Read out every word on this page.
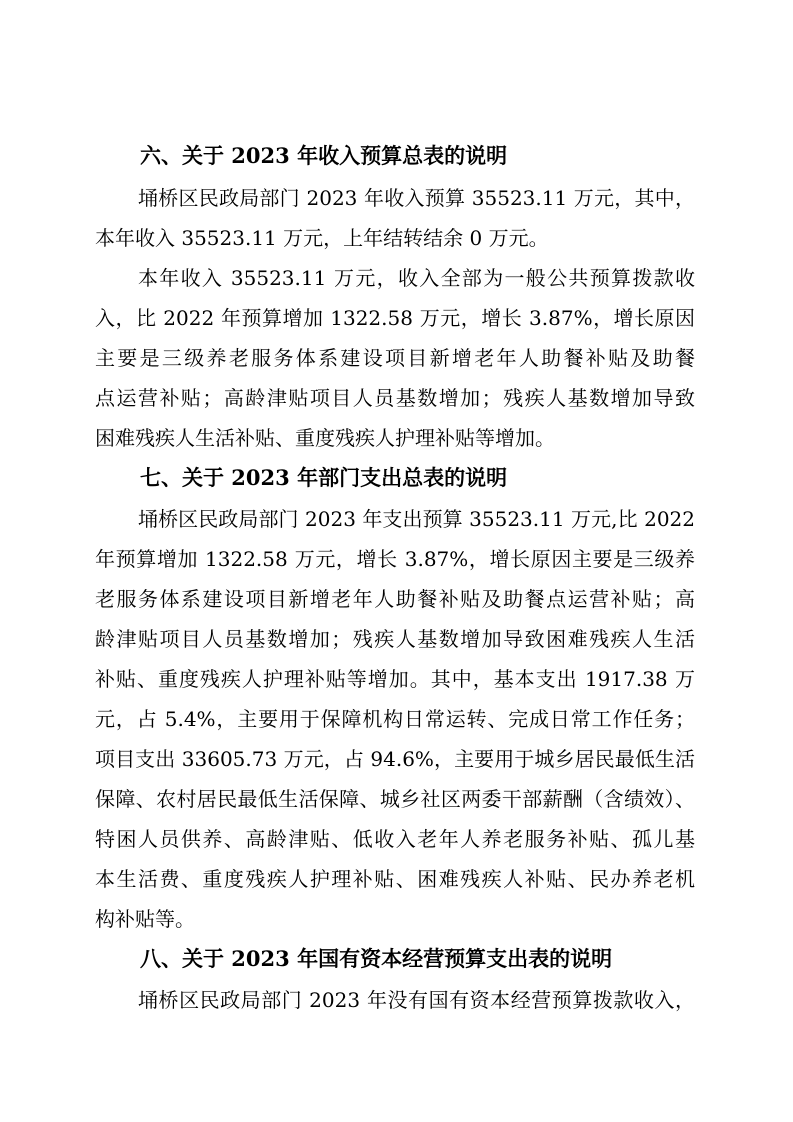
六、关于 2023 年收入预算总表的说明
埇桥区民政局部门 2023 年收入预算 35523.11 万元，其中，
本年收入 35523.11 万元，上年结转结余 0 万元。
本年收入 35523.11 万元，收入全部为一般公共预算拨款收
入，比 2022 年预算增加 1322.58 万元，增长 3.87%，增长原因
主要是三级养老服务体系建设项目新增老年人助餐补贴及助餐
点运营补贴；高龄津贴项目人员基数增加；残疾人基数增加导致
困难残疾人生活补贴、重度残疾人护理补贴等增加。
七、关于 2023 年部门支出总表的说明
埇桥区民政局部门 2023 年支出预算 35523.11 万元,比 2022
年预算增加 1322.58 万元，增长 3.87%，增长原因主要是三级养
老服务体系建设项目新增老年人助餐补贴及助餐点运营补贴；高
龄津贴项目人员基数增加；残疾人基数增加导致困难残疾人生活
补贴、重度残疾人护理补贴等增加。其中，基本支出 1917.38 万
元，占 5.4%，主要用于保障机构日常运转、完成日常工作任务；
项目支出 33605.73 万元，占 94.6%，主要用于城乡居民最低生活
保障、农村居民最低生活保障、城乡社区两委干部薪酬（含绩效）、
特困人员供养、高龄津贴、低收入老年人养老服务补贴、孤儿基
本生活费、重度残疾人护理补贴、困难残疾人补贴、民办养老机
构补贴等。
八、关于 2023 年国有资本经营预算支出表的说明
埇桥区民政局部门 2023 年没有国有资本经营预算拨款收入，
